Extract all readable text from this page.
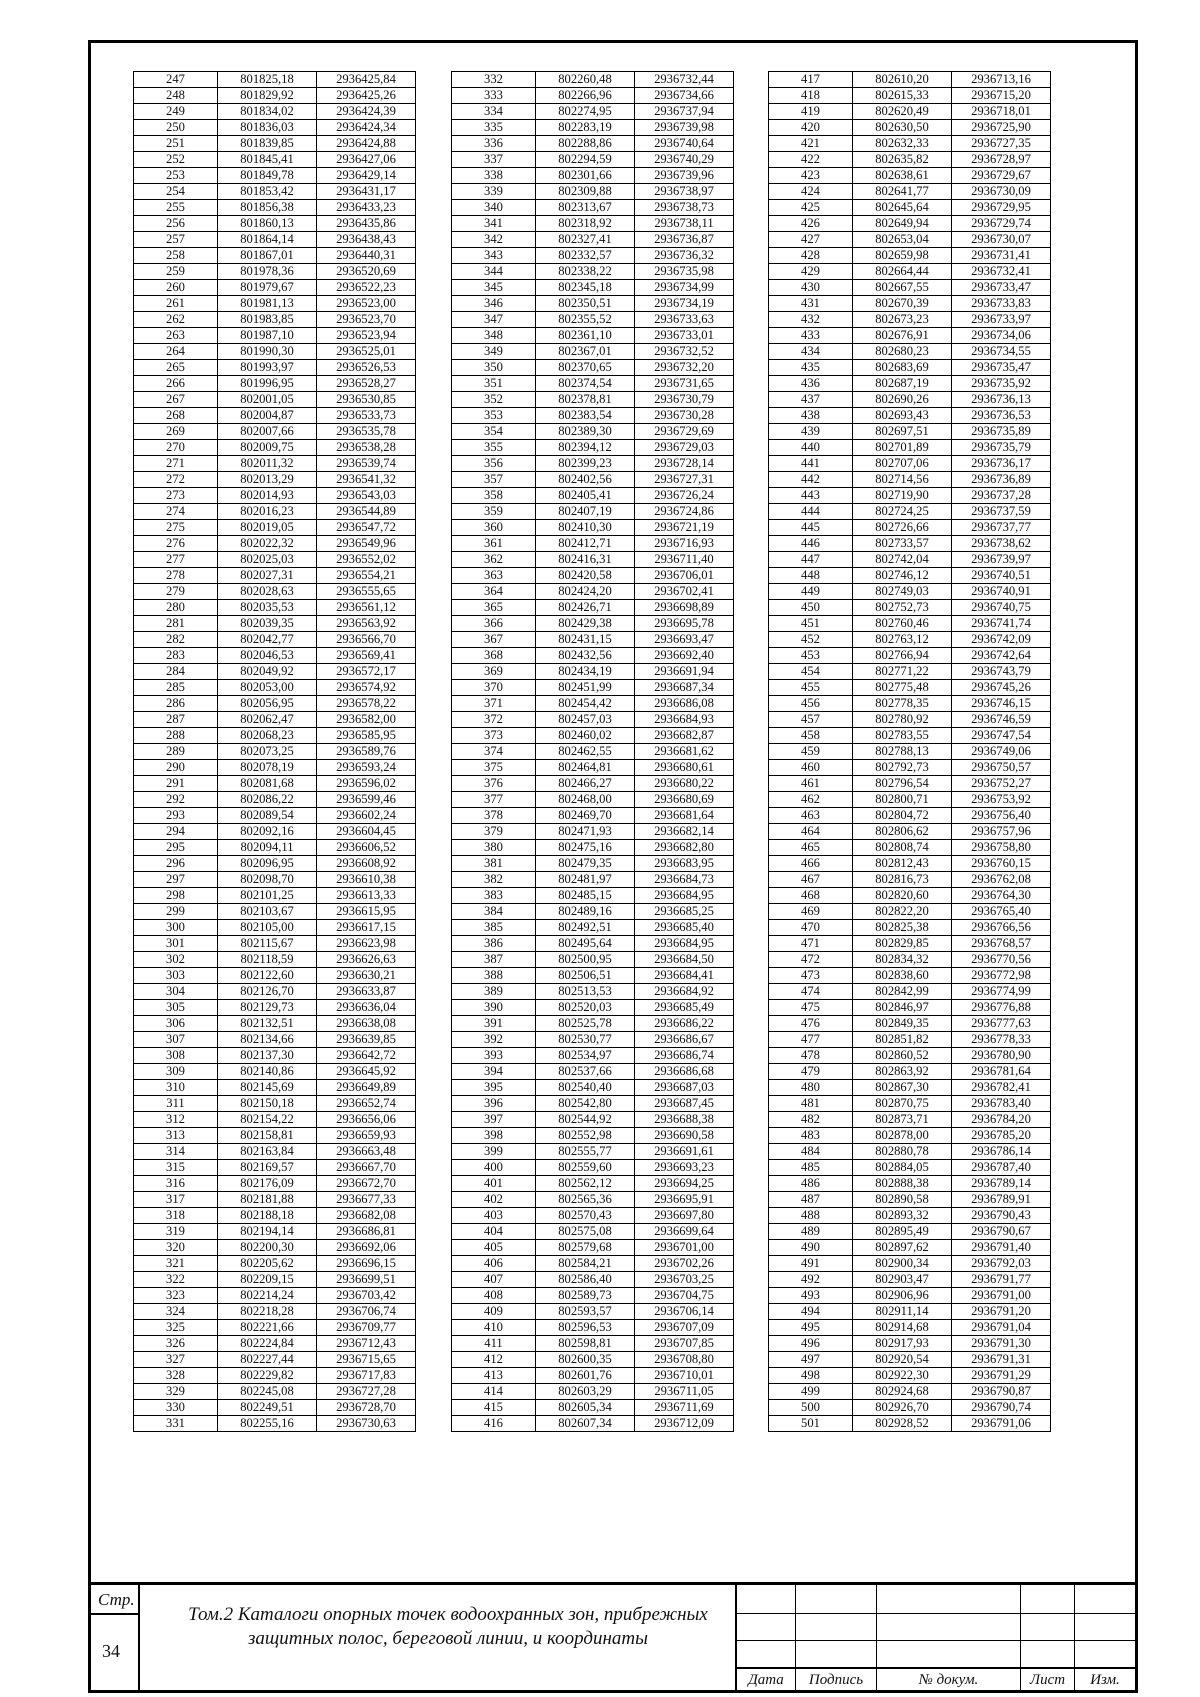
247	801825,18	2936425,84
248	801829,92	2936425,26
249	801834,02	2936424,39
250	801836,03	2936424,34
251	801839,85	2936424,88
252	801845,41	2936427,06
253	801849,78	2936429,14
254	801853,42	2936431,17
255	801856,38	2936433,23
256	801860,13	2936435,86
257	801864,14	2936438,43
258	801867,01	2936440,31
259	801978,36	2936520,69
260	801979,67	2936522,23
261	801981,13	2936523,00
262	801983,85	2936523,70
263	801987,10	2936523,94
264	801990,30	2936525,01
265	801993,97	2936526,53
266	801996,95	2936528,27
267	802001,05	2936530,85
268	802004,87	2936533,73
269	802007,66	2936535,78
270	802009,75	2936538,28
271	802011,32	2936539,74
272	802013,29	2936541,32
273	802014,93	2936543,03
274	802016,23	2936544,89
275	802019,05	2936547,72
276	802022,32	2936549,96
277	802025,03	2936552,02
278	802027,31	2936554,21
279	802028,63	2936555,65
280	802035,53	2936561,12
281	802039,35	2936563,92
282	802042,77	2936566,70
283	802046,53	2936569,41
284	802049,92	2936572,17
285	802053,00	2936574,92
286	802056,95	2936578,22
287	802062,47	2936582,00
288	802068,23	2936585,95
289	802073,25	2936589,76
290	802078,19	2936593,24
291	802081,68	2936596,02
292	802086,22	2936599,46
293	802089,54	2936602,24
294	802092,16	2936604,45
295	802094,11	2936606,52
296	802096,95	2936608,92
297	802098,70	2936610,38
298	802101,25	2936613,33
299	802103,67	2936615,95
300	802105,00	2936617,15
301	802115,67	2936623,98
302	802118,59	2936626,63
303	802122,60	2936630,21
304	802126,70	2936633,87
305	802129,73	2936636,04
306	802132,51	2936638,08
307	802134,66	2936639,85
308	802137,30	2936642,72
309	802140,86	2936645,92
310	802145,69	2936649,89
311	802150,18	2936652,74
312	802154,22	2936656,06
313	802158,81	2936659,93
314	802163,84	2936663,48
315	802169,57	2936667,70
316	802176,09	2936672,70
317	802181,88	2936677,33
318	802188,18	2936682,08
319	802194,14	2936686,81
320	802200,30	2936692,06
321	802205,62	2936696,15
322	802209,15	2936699,51
323	802214,24	2936703,42
324	802218,28	2936706,74
325	802221,66	2936709,77
326	802224,84	2936712,43
327	802227,44	2936715,65
328	802229,82	2936717,83
329	802245,08	2936727,28
330	802249,51	2936728,70
331	802255,16	2936730,63
332	802260,48	2936732,44
333	802266,96	2936734,66
334	802274,95	2936737,94
335	802283,19	2936739,98
336	802288,86	2936740,64
337	802294,59	2936740,29
338	802301,66	2936739,96
339	802309,88	2936738,97
340	802313,67	2936738,73
341	802318,92	2936738,11
342	802327,41	2936736,87
343	802332,57	2936736,32
344	802338,22	2936735,98
345	802345,18	2936734,99
346	802350,51	2936734,19
347	802355,52	2936733,63
348	802361,10	2936733,01
349	802367,01	2936732,52
350	802370,65	2936732,20
351	802374,54	2936731,65
352	802378,81	2936730,79
353	802383,54	2936730,28
354	802389,30	2936729,69
355	802394,12	2936729,03
356	802399,23	2936728,14
357	802402,56	2936727,31
358	802405,41	2936726,24
359	802407,19	2936724,86
360	802410,30	2936721,19
361	802412,71	2936716,93
362	802416,31	2936711,40
363	802420,58	2936706,01
364	802424,20	2936702,41
365	802426,71	2936698,89
366	802429,38	2936695,78
367	802431,15	2936693,47
368	802432,56	2936692,40
369	802434,19	2936691,94
370	802451,99	2936687,34
371	802454,42	2936686,08
372	802457,03	2936684,93
373	802460,02	2936682,87
374	802462,55	2936681,62
375	802464,81	2936680,61
376	802466,27	2936680,22
377	802468,00	2936680,69
378	802469,70	2936681,64
379	802471,93	2936682,14
380	802475,16	2936682,80
381	802479,35	2936683,95
382	802481,97	2936684,73
383	802485,15	2936684,95
384	802489,16	2936685,25
385	802492,51	2936685,40
386	802495,64	2936684,95
387	802500,95	2936684,50
388	802506,51	2936684,41
389	802513,53	2936684,92
390	802520,03	2936685,49
391	802525,78	2936686,22
392	802530,77	2936686,67
393	802534,97	2936686,74
394	802537,66	2936686,68
395	802540,40	2936687,03
396	802542,80	2936687,45
397	802544,92	2936688,38
398	802552,98	2936690,58
399	802555,77	2936691,61
400	802559,60	2936693,23
401	802562,12	2936694,25
402	802565,36	2936695,91
403	802570,43	2936697,80
404	802575,08	2936699,64
405	802579,68	2936701,00
406	802584,21	2936702,26
407	802586,40	2936703,25
408	802589,73	2936704,75
409	802593,57	2936706,14
410	802596,53	2936707,09
411	802598,81	2936707,85
412	802600,35	2936708,80
413	802601,76	2936710,01
414	802603,29	2936711,05
415	802605,34	2936711,69
416	802607,34	2936712,09
417	802610,20	2936713,16
418	802615,33	2936715,20
419	802620,49	2936718,01
420	802630,50	2936725,90
421	802632,33	2936727,35
422	802635,82	2936728,97
423	802638,61	2936729,67
424	802641,77	2936730,09
425	802645,64	2936729,95
426	802649,94	2936729,74
427	802653,04	2936730,07
428	802659,98	2936731,41
429	802664,44	2936732,41
430	802667,55	2936733,47
431	802670,39	2936733,83
432	802673,23	2936733,97
433	802676,91	2936734,06
434	802680,23	2936734,55
435	802683,69	2936735,47
436	802687,19	2936735,92
437	802690,26	2936736,13
438	802693,43	2936736,53
439	802697,51	2936735,89
440	802701,89	2936735,79
441	802707,06	2936736,17
442	802714,56	2936736,89
443	802719,90	2936737,28
444	802724,25	2936737,59
445	802726,66	2936737,77
446	802733,57	2936738,62
447	802742,04	2936739,97
448	802746,12	2936740,51
449	802749,03	2936740,91
450	802752,73	2936740,75
451	802760,46	2936741,74
452	802763,12	2936742,09
453	802766,94	2936742,64
454	802771,22	2936743,79
455	802775,48	2936745,26
456	802778,35	2936746,15
457	802780,92	2936746,59
458	802783,55	2936747,54
459	802788,13	2936749,06
460	802792,73	2936750,57
461	802796,54	2936752,27
462	802800,71	2936753,92
463	802804,72	2936756,40
464	802806,62	2936757,96
465	802808,74	2936758,80
466	802812,43	2936760,15
467	802816,73	2936762,08
468	802820,60	2936764,30
469	802822,20	2936765,40
470	802825,38	2936766,56
471	802829,85	2936768,57
472	802834,32	2936770,56
473	802838,60	2936772,98
474	802842,99	2936774,99
475	802846,97	2936776,88
476	802849,35	2936777,63
477	802851,82	2936778,33
478	802860,52	2936780,90
479	802863,92	2936781,64
480	802867,30	2936782,41
481	802870,75	2936783,40
482	802873,71	2936784,20
483	802878,00	2936785,20
484	802880,78	2936786,14
485	802884,05	2936787,40
486	802888,38	2936789,14
487	802890,58	2936789,91
488	802893,32	2936790,43
489	802895,49	2936790,67
490	802897,62	2936791,40
491	802900,34	2936792,03
492	802903,47	2936791,77
493	802906,96	2936791,00
494	802911,14	2936791,20
495	802914,68	2936791,04
496	802917,93	2936791,30
497	802920,54	2936791,31
498	802922,30	2936791,29
499	802924,68	2936790,87
500	802926,70	2936790,74
501	802928,52	2936791,06
Стр.
34
Том.2 Каталоги опорных точек водоохранных зон, прибрежных защитных полос, береговой линии, и координаты
Дата	Подпись	№ докум.	Лист	Изм.
